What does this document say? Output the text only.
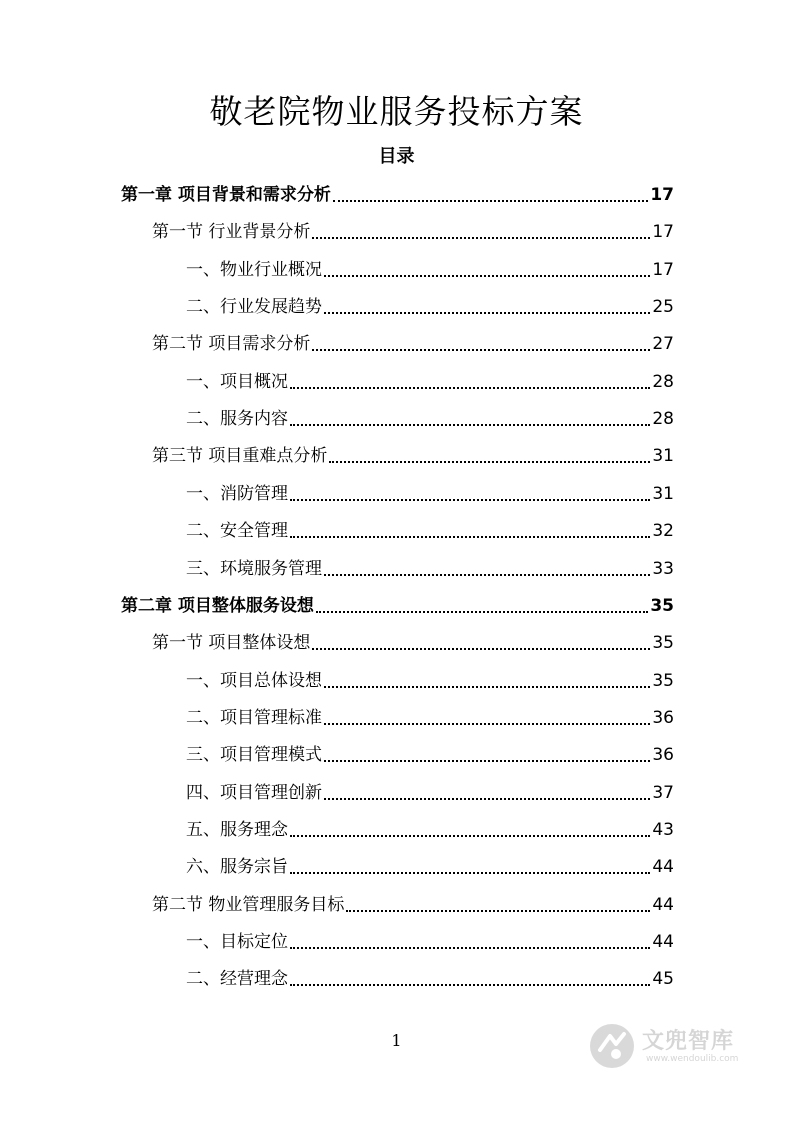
敬老院物业服务投标方案
目录
第一章 项目背景和需求分析	17
第一节 行业背景分析	17
一、物业行业概况	17
二、行业发展趋势	25
第二节 项目需求分析	27
一、项目概况	28
二、服务内容	28
第三节 项目重难点分析	31
一、消防管理	31
二、安全管理	32
三、环境服务管理	33
第二章 项目整体服务设想	35
第一节 项目整体设想	35
一、项目总体设想	35
二、项目管理标准	36
三、项目管理模式	36
四、项目管理创新	37
五、服务理念	43
六、服务宗旨	44
第二节 物业管理服务目标	44
一、目标定位	44
二、经营理念	45
1	文兜智库
www.wendoulib.com
